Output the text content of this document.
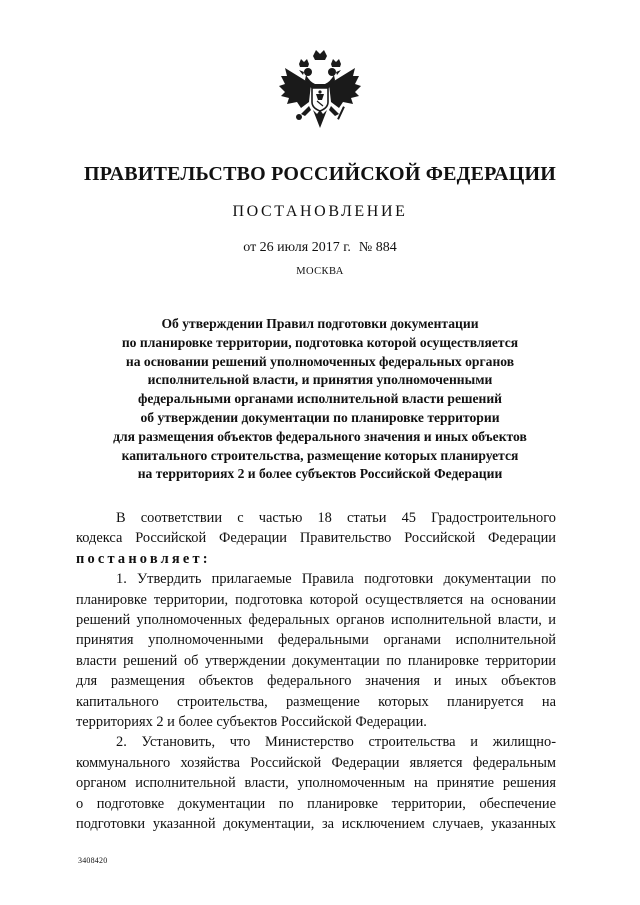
ПРАВИТЕЛЬСТВО РОССИЙСКОЙ ФЕДЕРАЦИИ
ПОСТАНОВЛЕНИЕ
от 26 июля 2017 г. № 884
МОСКВА
Об утверждении Правил подготовки документации
по планировке территории, подготовка которой осуществляется
на основании решений уполномоченных федеральных органов
исполнительной власти, и принятия уполномоченными
федеральными органами исполнительной власти решений
об утверждении документации по планировке территории
для размещения объектов федерального значения и иных объектов
капитального строительства, размещение которых планируется
на территориях 2 и более субъектов Российской Федерации
В соответствии с частью 18 статьи 45 Градостроительного
кодекса Российской Федерации Правительство Российской Федерации
постановляет:
1. Утвердить прилагаемые Правила подготовки документации по
планировке территории, подготовка которой осуществляется на основании
решений уполномоченных федеральных органов исполнительной власти, и
принятия уполномоченными федеральными органами исполнительной
власти решений об утверждении документации по планировке территории
для размещения объектов федерального значения и иных объектов
капитального строительства, размещение которых планируется на
территориях 2 и более субъектов Российской Федерации.
2. Установить, что Министерство строительства и жилищно-
коммунального хозяйства Российской Федерации является федеральным
органом исполнительной власти, уполномоченным на принятие решения
о подготовке документации по планировке территории, обеспечение
подготовки указанной документации, за исключением случаев, указанных
3408420
